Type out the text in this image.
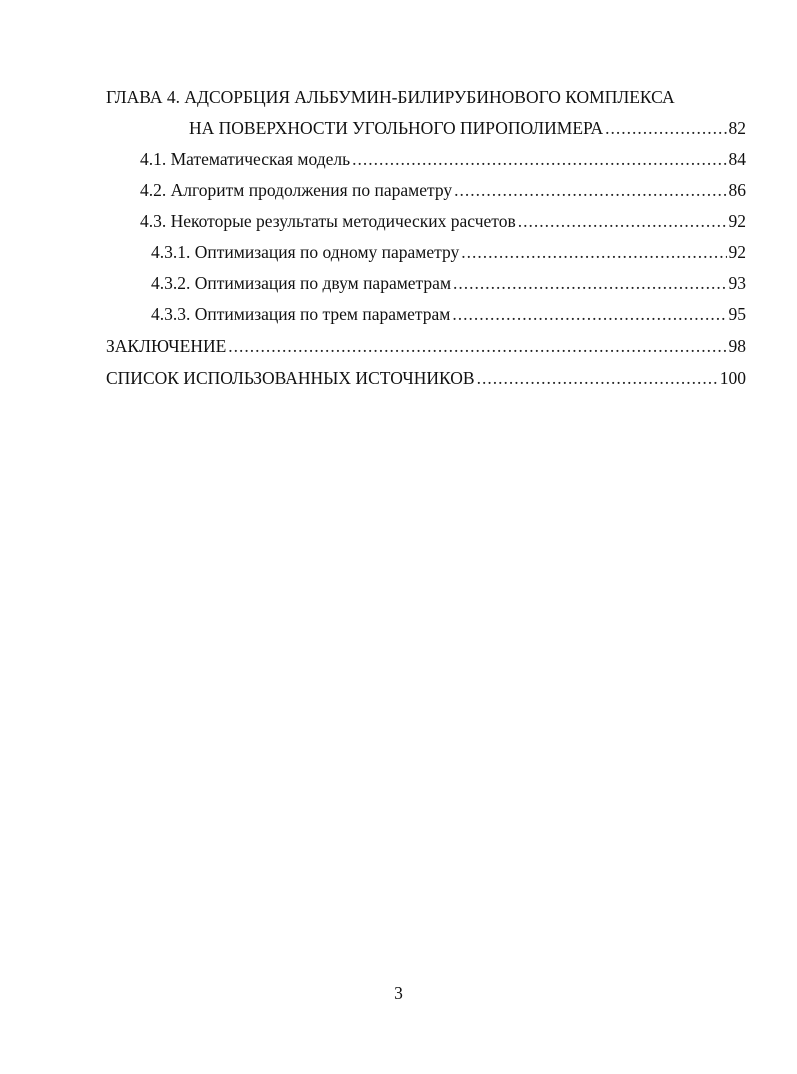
ГЛАВА 4. АДСОРБЦИЯ АЛЬБУМИН-БИЛИРУБИНОВОГО КОМПЛЕКСА
НА ПОВЕРХНОСТИ УГОЛЬНОГО ПИРОПОЛИМЕРА .....	82
4.1. Математическая модель .....	84
4.2. Алгоритм продолжения по параметру .....	86
4.3. Некоторые результаты методических расчетов .....	92
4.3.1. Оптимизация по одному параметру .....	92
4.3.2. Оптимизация по двум параметрам .....	93
4.3.3. Оптимизация по трем параметрам .....	95
ЗАКЛЮЧЕНИЕ .....	98
СПИСОК ИСПОЛЬЗОВАННЫХ ИСТОЧНИКОВ .....	100
3
